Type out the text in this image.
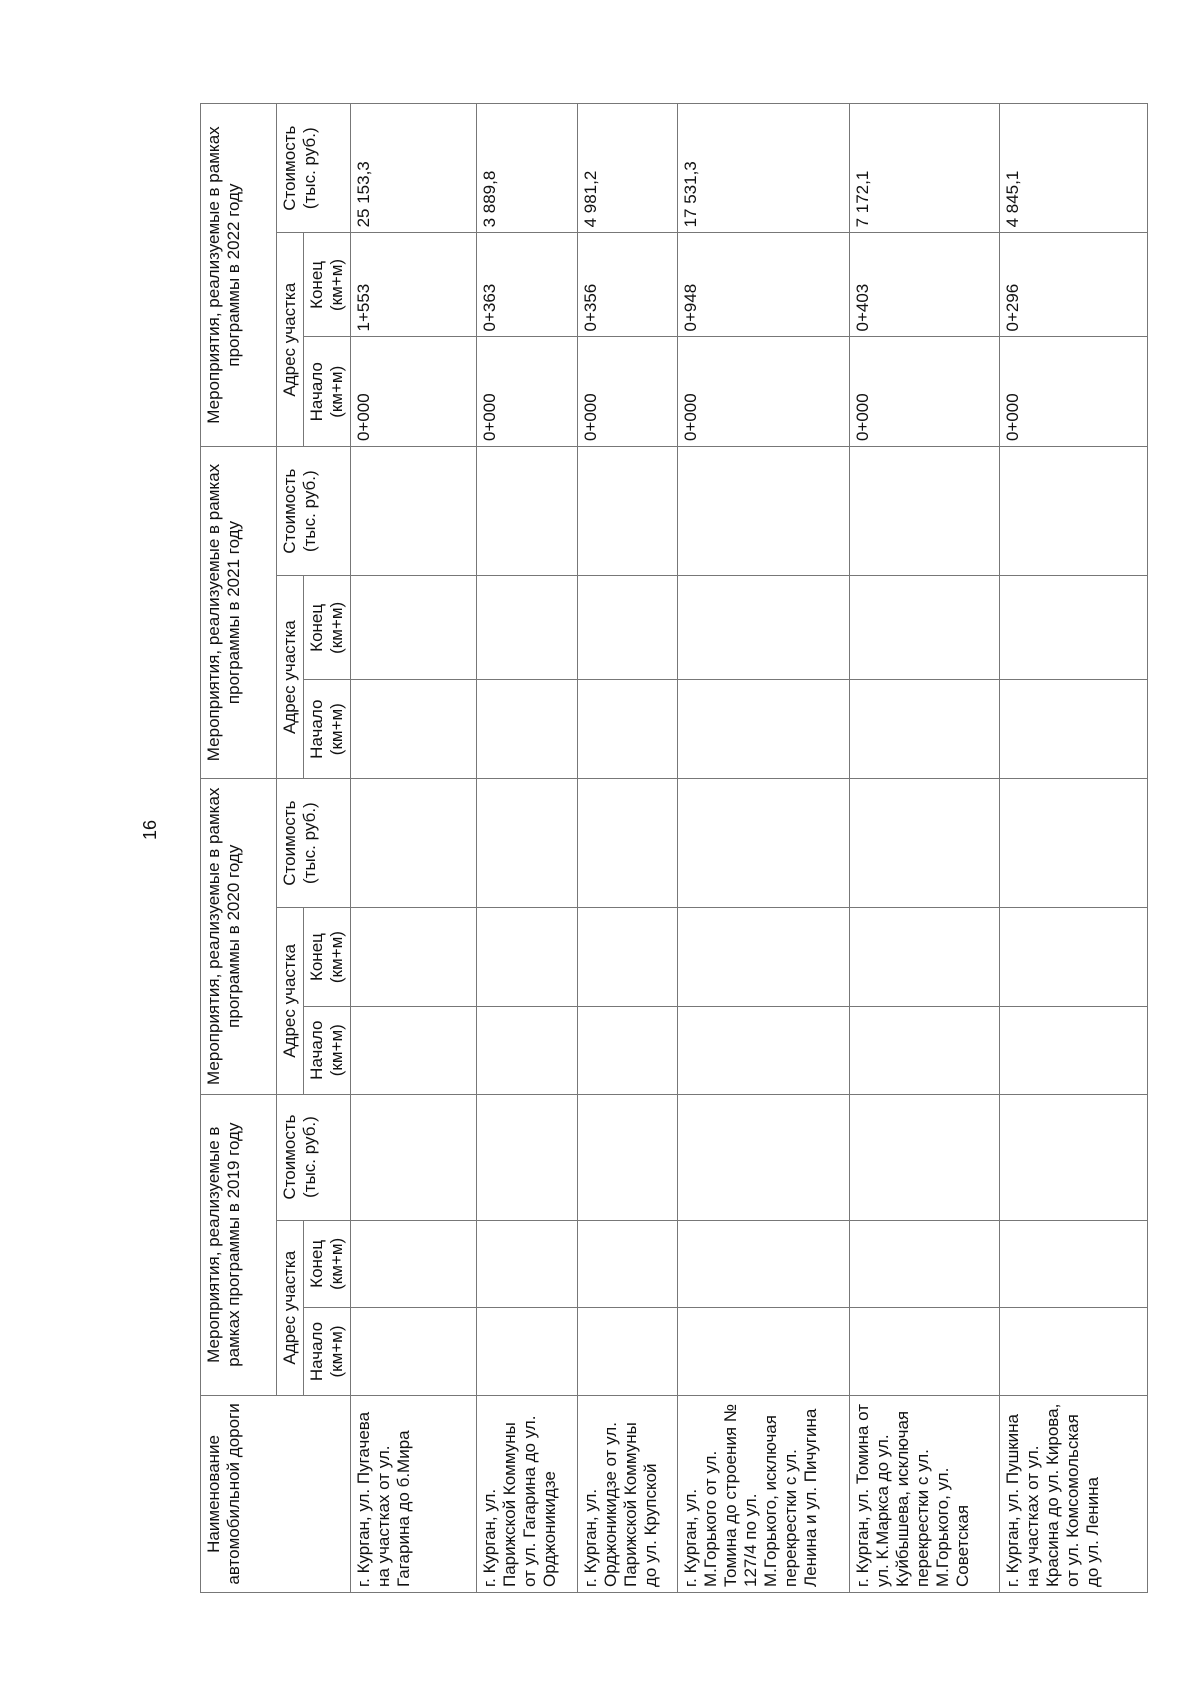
16
Наименование автомобильной дороги	Мероприятия, реализуемые в рамках программы в 2019 году			Мероприятия, реализуемые в рамках программы в 2020 году			Мероприятия, реализуемые в рамках программы в 2021 году			Мероприятия, реализуемые в рамках программы в 2022 году		
	Адрес участка		Стоимость (тыс. руб.)	Адрес участка		Стоимость (тыс. руб.)	Адрес участка		Стоимость (тыс. руб.)	Адрес участка		Стоимость (тыс. руб.)
	Начало (км+м)	Конец (км+м)		Начало (км+м)	Конец (км+м)		Начало (км+м)	Конец (км+м)		Начало (км+м)	Конец (км+м)	
г. Курган, ул. Пугачева на участках от ул. Гагарина до б.Мира										0+000	1+553	25 153,3
г. Курган, ул. Парижской Коммуны от ул. Гагарина до ул. Орджоникидзе										0+000	0+363	3 889,8
г. Курган, ул. Орджоникидзе от ул. Парижской Коммуны до ул. Крупской										0+000	0+356	4 981,2
г. Курган, ул. М.Горького от ул. Томина до строения № 127/4 по ул. М.Горького, исключая перекрестки с ул. Ленина и ул. Пичугина										0+000	0+948	17 531,3
г. Курган, ул. Томина от ул. К.Маркса до ул. Куйбышева, исключая перекрестки с ул. М.Горького, ул. Советская										0+000	0+403	7 172,1
г. Курган, ул. Пушкина на участках от ул. Красина до ул. Кирова, от ул. Комсомольская до ул. Ленина										0+000	0+296	4 845,1
